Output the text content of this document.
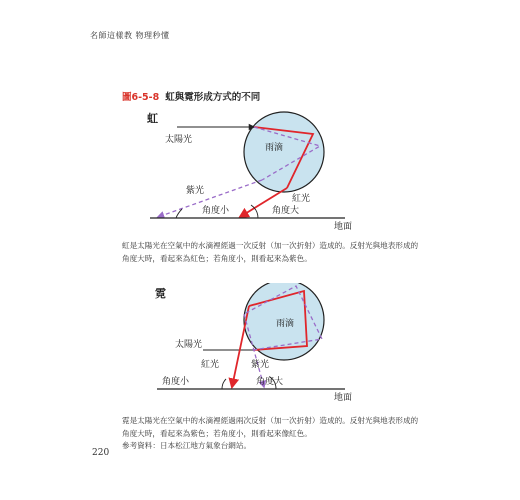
名師這樣教 物理秒懂
圖6-5-8 虹與霓形成方式的不同
虹
雨滴
太陽光
紫光
紅光
角度小	角度大
地面

虹是太陽光在空氣中的水滴裡經過一次反射（加一次折射）造成的。反射光與地表形成的角度大時，看起來為紅色；若角度小，則看起來為紫色。

霓
雨滴
太陽光
紅光	紫光
角度小	角度大
地面
霓是太陽光在空氣中的水滴裡經過兩次反射（加一次折射）造成的。反射光與地表形成的角度大時，看起來為紫色；若角度小，則看起來像紅色。
參考資料：日本松江地方氣象台網站。
220
